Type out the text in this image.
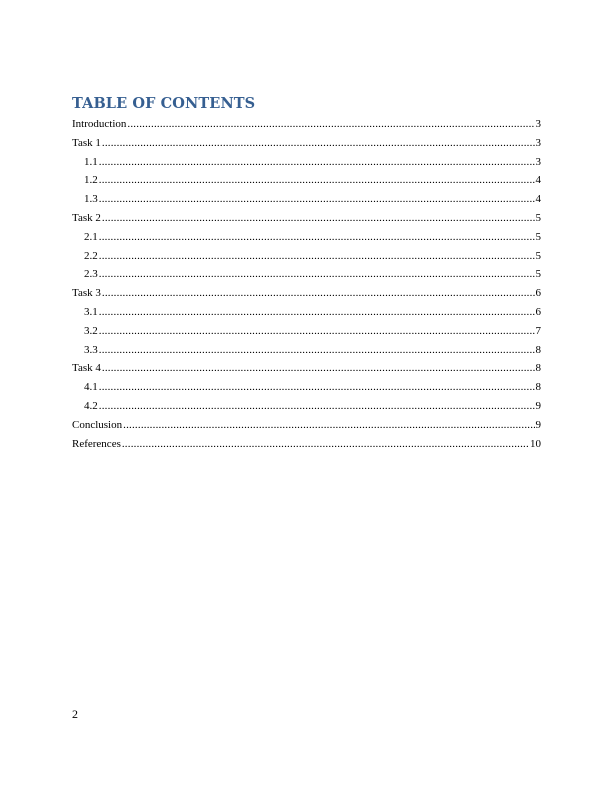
TABLE OF CONTENTS
Introduction .....	3
Task 1 .....	3
1.1 .....	3
1.2 .....	4
1.3 .....	4
Task 2 .....	5
2.1 .....	5
2.2 .....	5
2.3 .....	5
Task 3 .....	6
3.1 .....	6
3.2 .....	7
3.3 .....	8
Task 4 .....	8
4.1 .....	8
4.2 .....	9
Conclusion .....	9
References .....	10
2
